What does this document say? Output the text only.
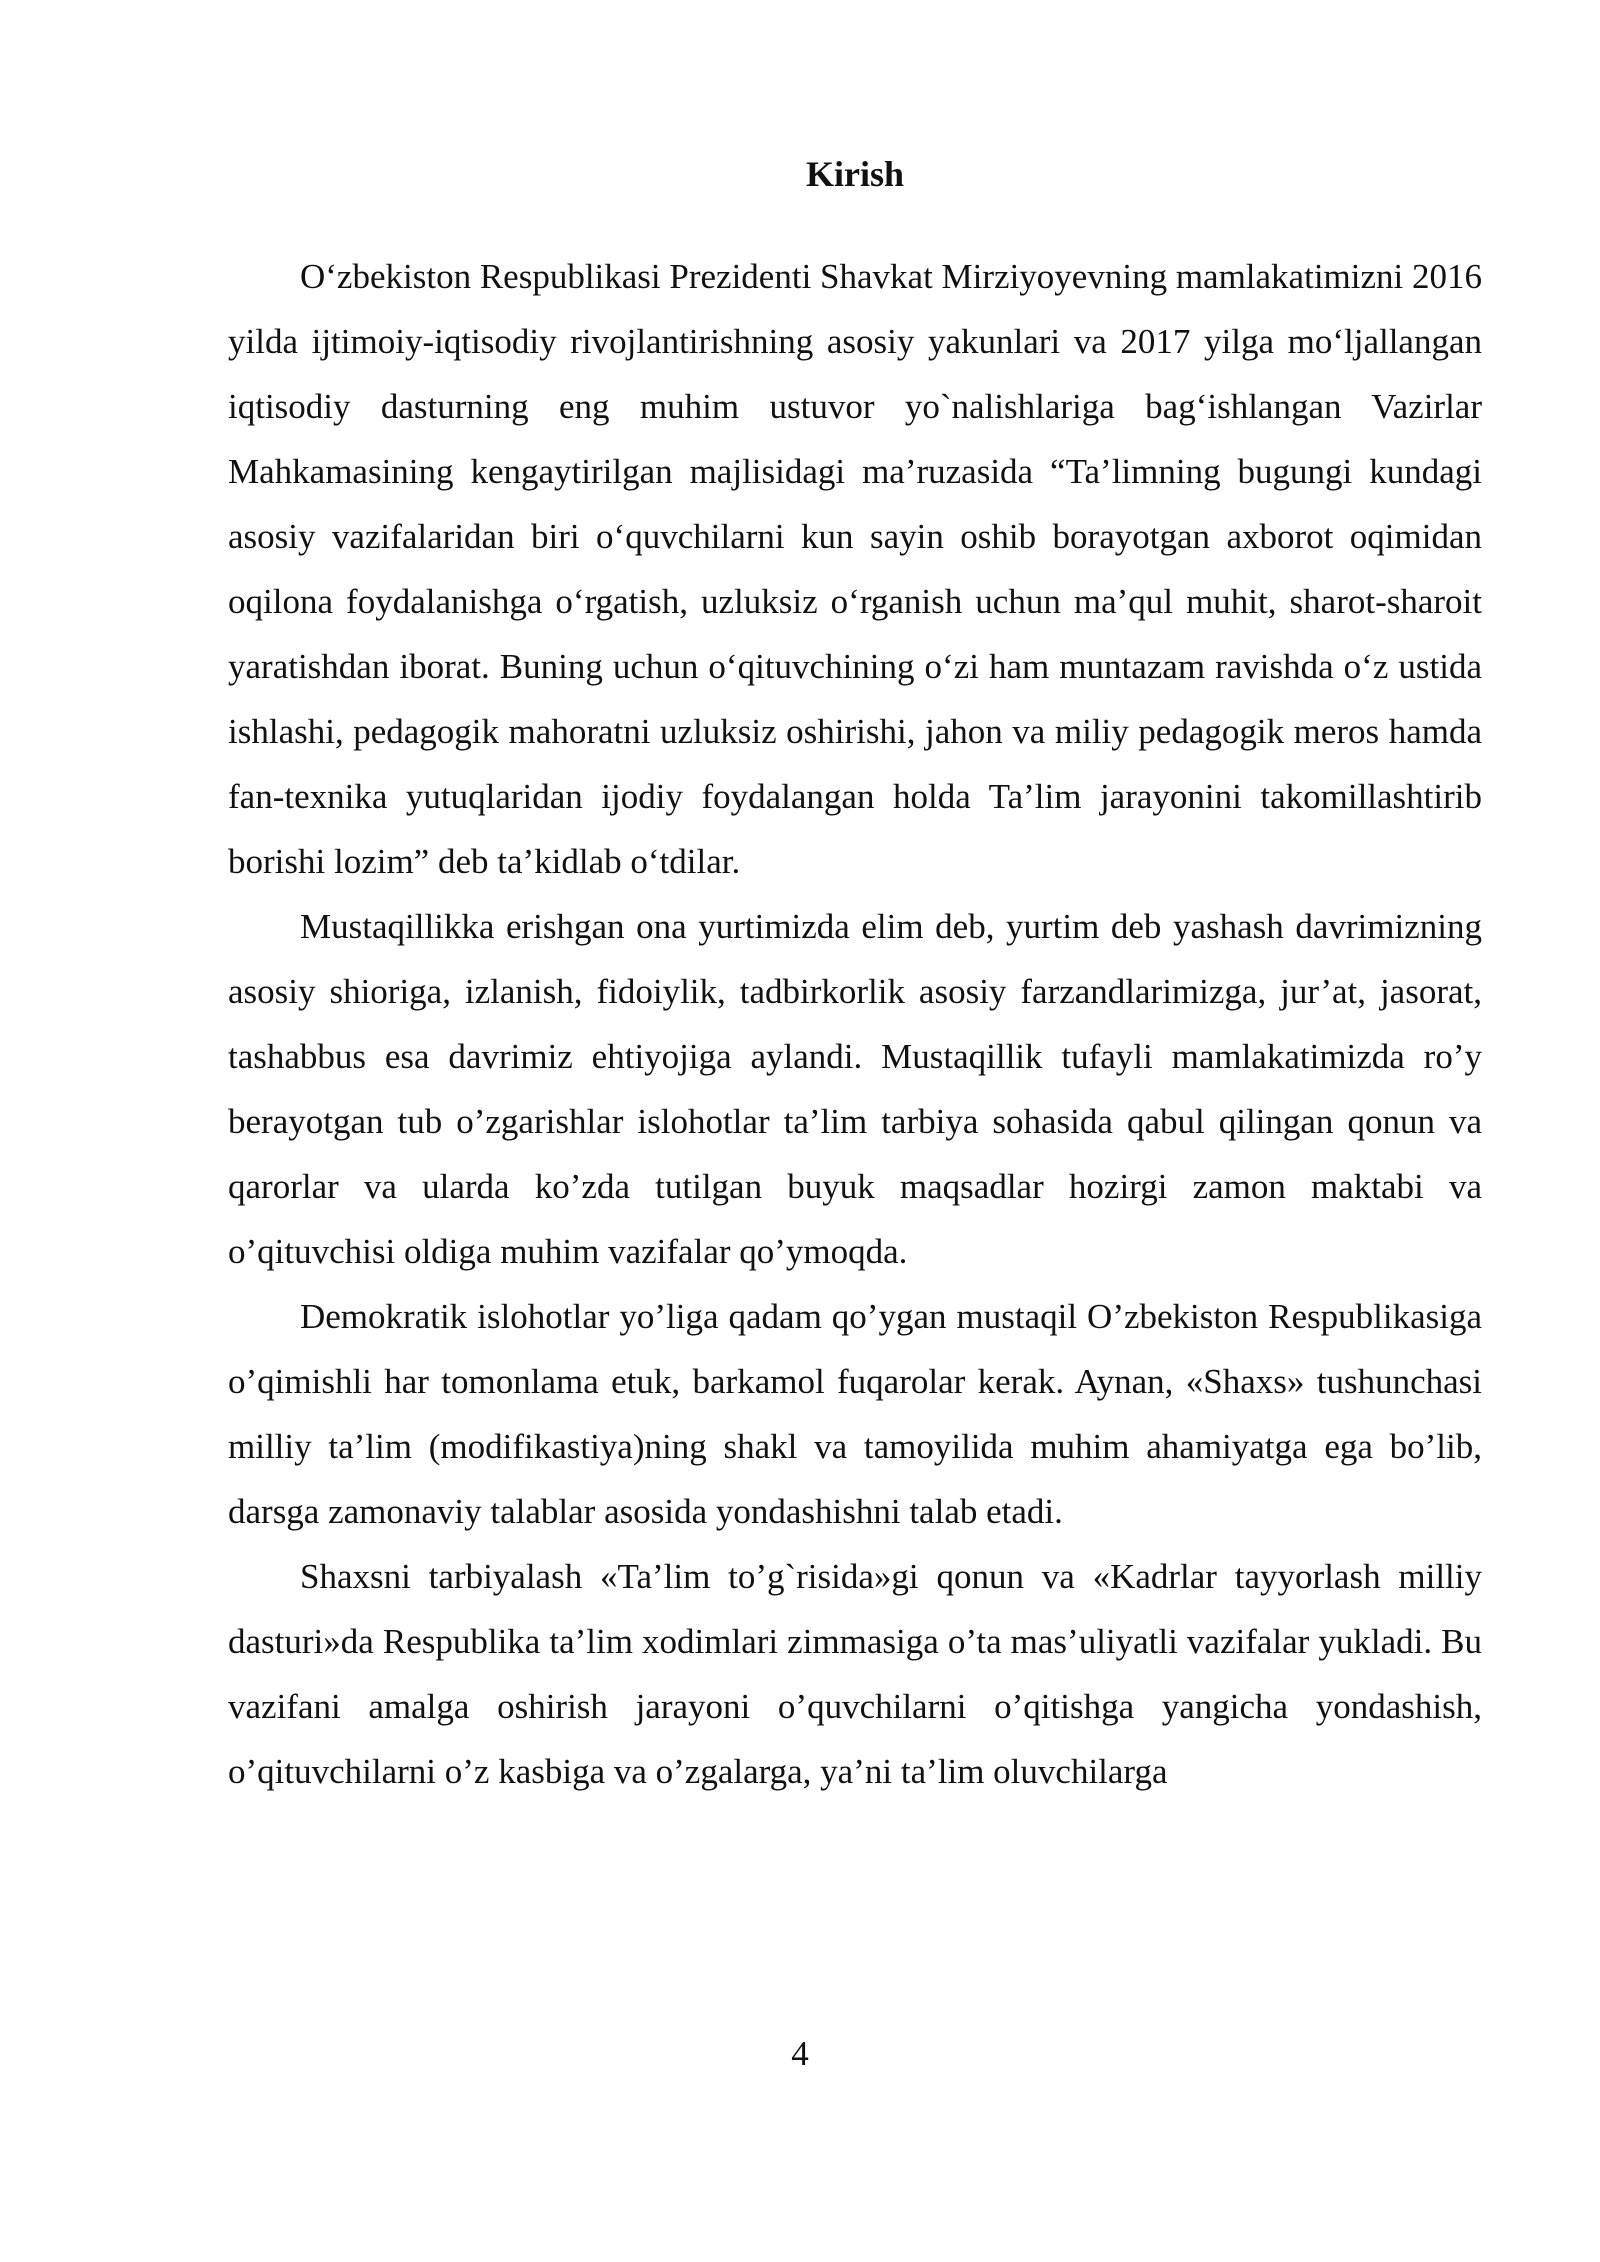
Kirish

O‘zbekiston Respublikasi Prezidenti Shavkat Mirziyoyevning mamlakatimizni 2016 yilda ijtimoiy-iqtisodiy rivojlantirishning asosiy yakunlari va 2017 yilga mo‘ljallangan iqtisodiy dasturning eng muhim ustuvor yo`nalishlariga bag‘ishlangan Vazirlar Mahkamasining kengaytirilgan majlisidagi ma’ruzasida “Ta’limning bugungi kundagi asosiy vazifalaridan biri o‘quvchilarni kun sayin oshib borayotgan axborot oqimidan oqilona foydalanishga o‘rgatish, uzluksiz o‘rganish uchun ma’qul muhit, sharot-sharoit yaratishdan iborat. Buning uchun o‘qituvchining o‘zi ham muntazam ravishda o‘z ustida ishlashi, pedagogik mahoratni uzluksiz oshirishi, jahon va miliy pedagogik meros hamda fan-texnika yutuqlaridan ijodiy foydalangan holda Ta’lim jarayonini takomillashtirib borishi lozim” deb ta’kidlab o‘tdilar.

Mustaqillikka erishgan ona yurtimizda elim deb, yurtim deb yashash davrimizning asosiy shioriga, izlanish, fidoiylik, tadbirkorlik asosiy farzandlarimizga, jur’at, jasorat, tashabbus esa davrimiz ehtiyojiga aylandi. Mustaqillik tufayli mamlakatimizda ro’y berayotgan tub o’zgarishlar islohotlar ta’lim tarbiya sohasida qabul qilingan qonun va qarorlar va ularda ko’zda tutilgan buyuk maqsadlar hozirgi zamon maktabi va o’qituvchisi oldiga muhim vazifalar qo’ymoqda.

Demokratik islohotlar yo’liga qadam qo’ygan mustaqil O’zbekiston Respublikasiga o’qimishli har tomonlama etuk, barkamol fuqarolar kerak. Aynan, «Shaxs» tushunchasi milliy ta’lim (modifikastiya)ning shakl va tamoyilida muhim ahamiyatga ega bo’lib, darsga zamonaviy talablar asosida yondashishni talab etadi.

Shaxsni tarbiyalash «Ta’lim to’g`risida»gi qonun va «Kadrlar tayyorlash milliy dasturi»da Respublika ta’lim xodimlari zimmasiga o’ta mas’uliyatli vazifalar yukladi. Bu vazifani amalga oshirish jarayoni o’quvchilarni o’qitishga yangicha yondashish, o’qituvchilarni o’z kasbiga va o’zgalarga, ya’ni ta’lim oluvchilarga

4
